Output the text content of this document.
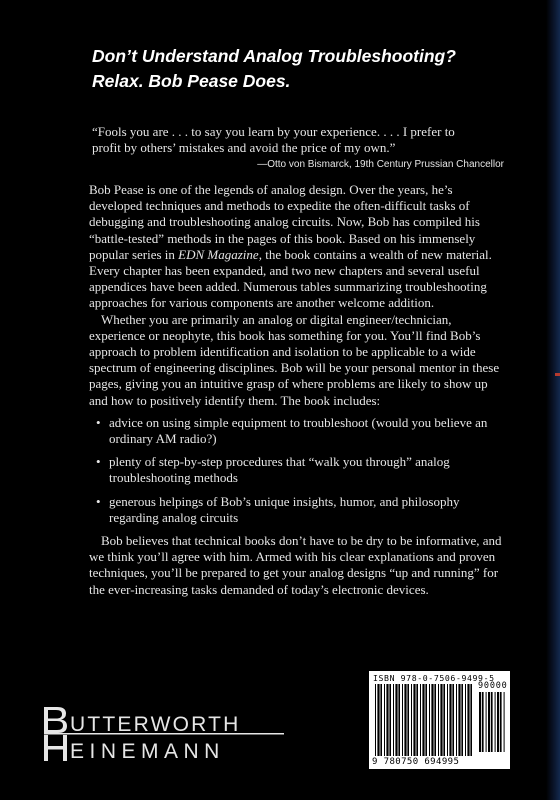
Don’t Understand Analog Troubleshooting?
Relax. Bob Pease Does.
“Fools you are . . . to say you learn by your experience. . . . I prefer to
profit by others’ mistakes and avoid the price of my own.”
—Otto von Bismarck, 19th Century Prussian Chancellor

Bob Pease is one of the legends of analog design. Over the years, he’s developed techniques and methods to expedite the often-difficult tasks of debugging and troubleshooting analog circuits. Now, Bob has compiled his “battle-tested” methods in the pages of this book. Based on his immensely popular series in EDN Magazine, the book contains a wealth of new material. Every chapter has been expanded, and two new chapters and several useful appendices have been added. Numerous tables summarizing troubleshooting approaches for various components are another welcome addition.

Whether you are primarily an analog or digital engineer/technician, experience or neophyte, this book has something for you. You’ll find Bob’s approach to problem identification and isolation to be applicable to a wide spectrum of engineering disciplines. Bob will be your personal mentor in these pages, giving you an intuitive grasp of where problems are likely to show up and how to positively identify them. The book includes:

• advice on using simple equipment to troubleshoot (would you believe an ordinary AM radio?)
• plenty of step-by-step procedures that “walk you through” analog troubleshooting methods
• generous helpings of Bob’s unique insights, humor, and philosophy regarding analog circuits

Bob believes that technical books don’t have to be dry to be informative, and we think you’ll agree with him. Armed with his clear explanations and proven techniques, you’ll be prepared to get your analog designs “up and running” for the ever-increasing tasks demanded of today’s electronic devices.

UTTERWORTH
EINEMANN
ISBN 978-0-7506-9499-5
90000
9 780750 694995
